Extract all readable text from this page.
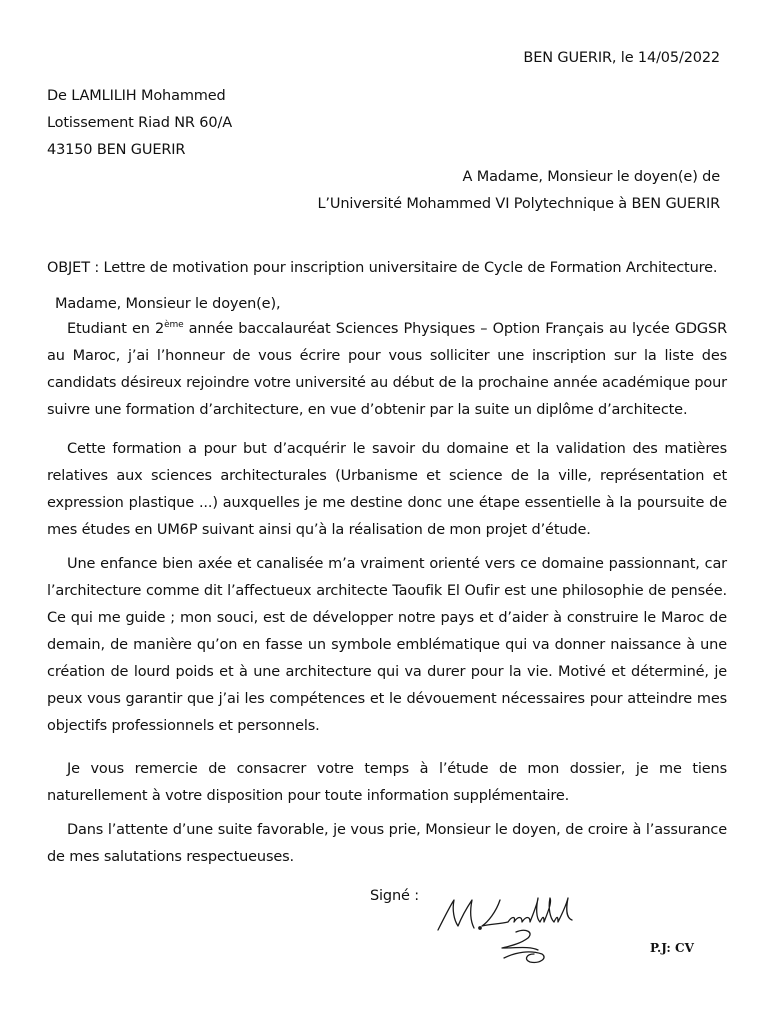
BEN GUERIR, le 14/05/2022
De LAMLILIH Mohammed
Lotissement Riad NR 60/A
43150 BEN GUERIR
A Madame, Monsieur le doyen(e) de
L’Université Mohammed VI Polytechnique à BEN GUERIR
OBJET : Lettre de motivation pour inscription universitaire de Cycle de Formation Architecture.
Madame, Monsieur le doyen(e),
Etudiant en 2ème année baccalauréat Sciences Physiques – Option Français au lycée GDGSR au Maroc, j’ai l’honneur de vous écrire pour vous solliciter une inscription sur la liste des candidats désireux rejoindre votre université au début de la prochaine année académique pour suivre une formation d’architecture, en vue d’obtenir par la suite un diplôme d’architecte.
Cette formation a pour but d’acquérir le savoir du domaine et la validation des matières relatives aux sciences architecturales (Urbanisme et science de la ville, représentation et expression plastique ...) auxquelles je me destine donc une étape essentielle à la poursuite de mes études en UM6P suivant ainsi qu’à la réalisation de mon projet d’étude.
Une enfance bien axée et canalisée m’a vraiment orienté vers ce domaine passionnant, car l’architecture comme dit l’affectueux architecte Taoufik El Oufir est une philosophie de pensée. Ce qui me guide ; mon souci, est de développer notre pays et d’aider à construire le Maroc de demain, de manière qu’on en fasse un symbole emblématique qui va donner naissance à une création de lourd poids et à une architecture qui va durer pour la vie. Motivé et déterminé, je peux vous garantir que j’ai les compétences et le dévouement nécessaires pour atteindre mes objectifs professionnels et personnels.
Je vous remercie de consacrer votre temps à l’étude de mon dossier, je me tiens naturellement à votre disposition pour toute information supplémentaire.
Dans l’attente d’une suite favorable, je vous prie, Monsieur le doyen, de croire à l’assurance de mes salutations respectueuses.
Signé :
P.J: CV
